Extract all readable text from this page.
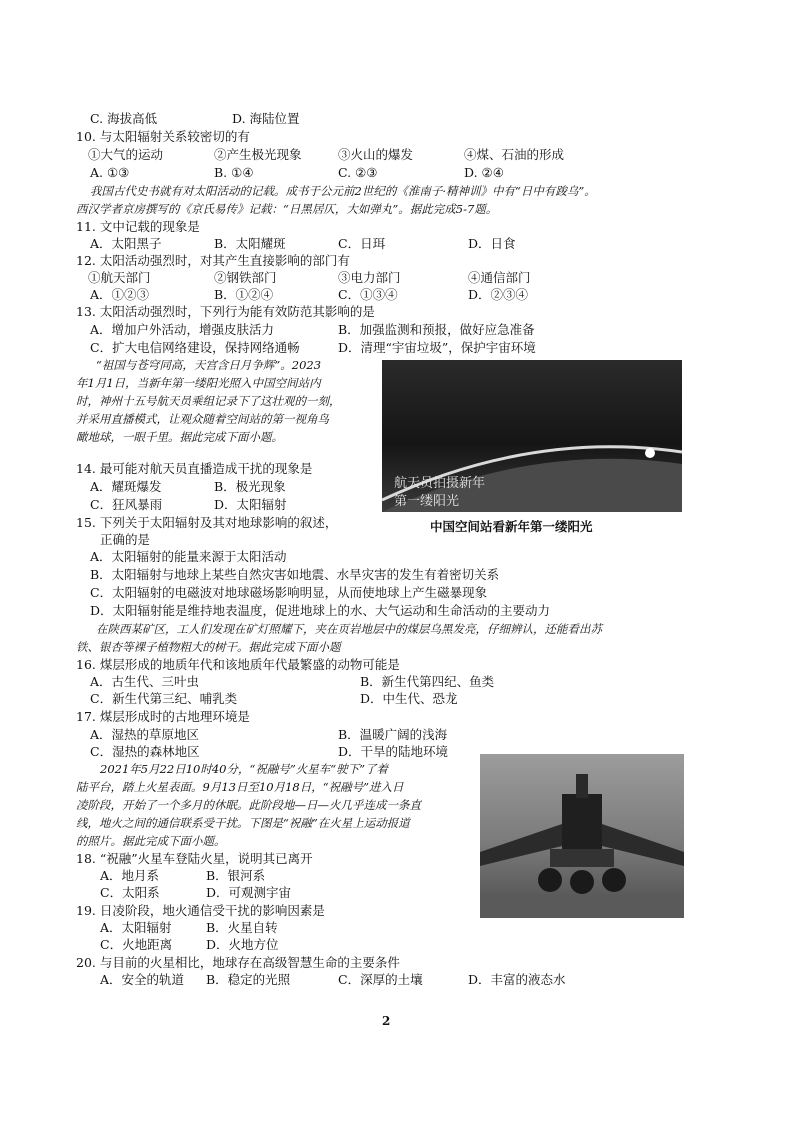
C. 海拔高低	D. 海陆位置
10. 与太阳辐射关系较密切的有
①大气的运动	②产生极光现象	③火山的爆发	④煤、石油的形成
A. ①③	B. ①④	C. ②③	D. ②④
我国古代史书就有对太阳活动的记载。成书于公元前2世纪的《淮南子·精神训》中有“日中有踆乌”。
西汉学者京房撰写的《京氏易传》记载：“日黑居仄，大如弹丸”。据此完成5-7题。
11. 文中记载的现象是
A．太阳黑子	B．太阳耀斑	C．日珥	D．日食
12. 太阳活动强烈时，对其产生直接影响的部门有
①航天部门	②钢铁部门	③电力部门	④通信部门
A．①②③	B．①②④	C．①③④	D．②③④
13. 太阳活动强烈时，下列行为能有效防范其影响的是
A．增加户外活动，增强皮肤活力	B．加强监测和预报，做好应急准备
C．扩大电信网络建设，保持网络通畅	D．清理“宇宙垃圾”，保护宇宙环境
“祖国与苍穹同高，天宫含日月争辉”。2023
年1月1日，当新年第一缕阳光照入中国空间站内
时，神州十五号航天员乘组记录下了这壮观的一刻，
并采用直播模式，让观众随着空间站的第一视角鸟
瞰地球，一眼千里。据此完成下面小题。
航天员拍摄新年
第一缕阳光
中国空间站看新年第一缕阳光
14. 最可能对航天员直播造成干扰的现象是
A．耀斑爆发	B．极光现象
C．狂风暴雨	D．太阳辐射
15. 下列关于太阳辐射及其对地球影响的叙述，
正确的是
A．太阳辐射的能量来源于太阳活动
B．太阳辐射与地球上某些自然灾害如地震、水旱灾害的发生有着密切关系
C．太阳辐射的电磁波对地球磁场影响明显，从而使地球上产生磁暴现象
D．太阳辐射能是维持地表温度，促进地球上的水、大气运动和生命活动的主要动力
在陕西某矿区，工人们发现在矿灯照耀下，夹在页岩地层中的煤层乌黑发亮，仔细辨认，还能看出苏
铁、银杏等裸子植物粗大的树干。据此完成下面小题
16. 煤层形成的地质年代和该地质年代最繁盛的动物可能是
A．古生代、三叶虫	B．新生代第四纪、鱼类
C．新生代第三纪、哺乳类	D．中生代、恐龙
17. 煤层形成时的古地理环境是
A．湿热的草原地区	B．温暖广阔的浅海
C．湿热的森林地区	D．干旱的陆地环境
2021年5月22日10时40分，“祝融号”火星车“驶下”了着
陆平台，踏上火星表面。9月13日至10月18日，“祝融号”进入日
凌阶段，开始了一个多月的休眠。此阶段地—日—火几乎连成一条直
线，地火之间的通信联系受干扰。下图是“祝融”在火星上运动报道
的照片。据此完成下面小题。
18. “祝融”火星车登陆火星，说明其已离开
A．地月系	B．银河系
C．太阳系	D．可观测宇宙
19. 日凌阶段，地火通信受干扰的影响因素是
A．太阳辐射	B．火星自转
C．火地距离	D．火地方位
20. 与目前的火星相比，地球存在高级智慧生命的主要条件
A．安全的轨道 B．稳定的光照	C．深厚的土壤	D．丰富的液态水
2
